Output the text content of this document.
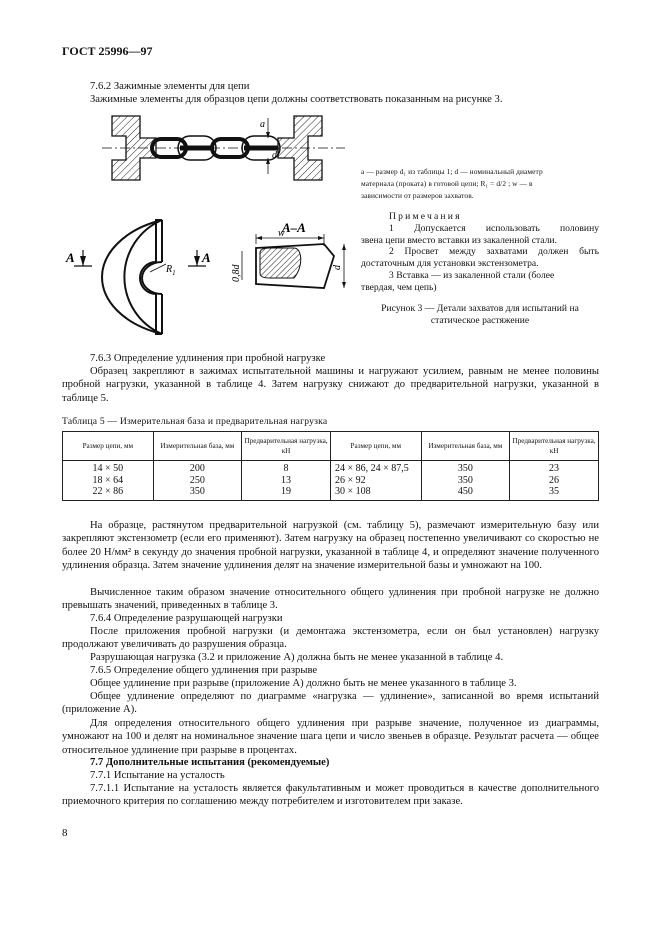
ГОСТ 25996—97
7.6.2 Зажимные элементы для цепи
Зажимные элементы для образцов цепи должны соответствовать показанным на рисунке 3.
a
d
A	A
$R_1$
A–A
w
0,8d	d
a — размер d₁ из таблицы 1; d — номинальный диаметр
материала (проката) в готовой цепи; R₁ = d/2 ; w — в
зависимости от размеров захватов.
Примечания
1 Допускается использовать половину
звена цепи вместо вставки из закаленной стали.
2 Просвет между захватами должен быть
достаточным для установки экстензометра.
3 Вставка — из закаленной стали (более
твердая, чем цепь)
Рисунок 3 — Детали захватов для испытаний на
статическое растяжение
7.6.3 Определение удлинения при пробной нагрузке
Образец закрепляют в зажимах испытательной машины и нагружают усилием, равным не менее половины пробной нагрузки, указанной в таблице 4. Затем нагрузку снижают до предварительной нагрузки, указанной в таблице 5.
Таблица 5 — Измерительная база и предварительная нагрузка
Размер цепи, мм	Измерительная база, мм	Предварительная нагрузка, кН	Размер цепи, мм	Измерительная база, мм	Предварительная нагрузка, кН
14 × 50	200	8	24 × 86, 24 × 87,5	350	23
18 × 64	250	13	26 × 92	350	26
22 × 86	350	19	30 × 108	450	35
На образце, растянутом предварительной нагрузкой (см. таблицу 5), размечают измерительную базу или закрепляют экстензометр (если его применяют). Затем нагрузку на образец постепенно увеличивают со скоростью не более 20 Н/мм² в секунду до значения пробной нагрузки, указанной в таблице 4, и определяют значение полученного удлинения образца. Затем значение удлинения делят на значение измерительной базы и умножают на 100.
Вычисленное таким образом значение относительного общего удлинения при пробной нагрузке не должно превышать значений, приведенных в таблице 3.
7.6.4 Определение разрушающей нагрузки
После приложения пробной нагрузки (и демонтажа экстензометра, если он был установлен) нагрузку продолжают увеличивать до разрушения образца.
Разрушающая нагрузка (3.2 и приложение А) должна быть не менее указанной в таблице 4.
7.6.5 Определение общего удлинения при разрыве
Общее удлинение при разрыве (приложение А) должно быть не менее указанного в таблице 3.
Общее удлинение определяют по диаграмме «нагрузка — удлинение», записанной во время испытаний (приложение А).
Для определения относительного общего удлинения при разрыве значение, полученное из диаграммы, умножают на 100 и делят на номинальное значение шага цепи и число звеньев в образце. Результат расчета — общее относительное удлинение при разрыве в процентах.
7.7 Дополнительные испытания (рекомендуемые)
7.7.1 Испытание на усталость
7.7.1.1 Испытание на усталость является факультативным и может проводиться в качестве дополнительного приемочного критерия по соглашению между потребителем и изготовителем при заказе.
8
